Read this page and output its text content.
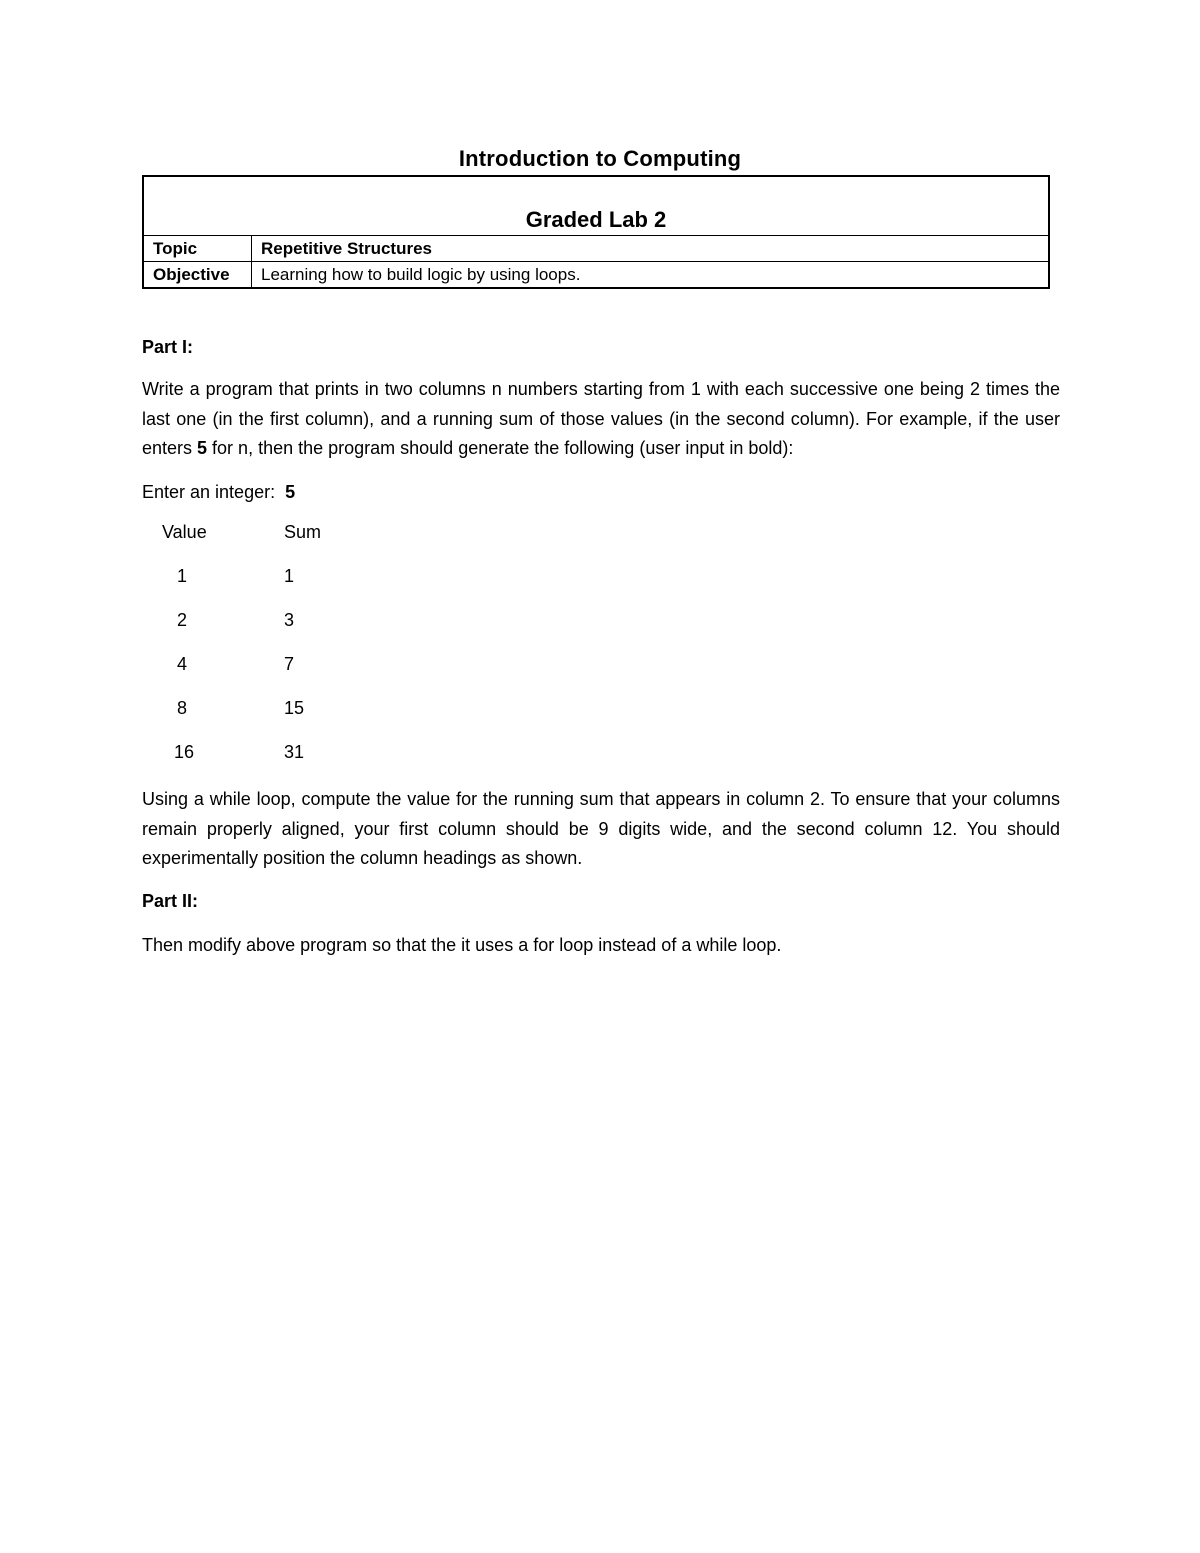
Introduction to Computing
Graded Lab 2	
Topic	Repetitive Structures
Objective	Learning how to build logic by using loops.
Part I:
Write a program that prints in two columns n numbers starting from 1 with each successive one being 2 times the last one (in the first column), and a running sum of those values (in the second column). For example, if the user enters 5 for n, then the program should generate the following (user input in bold):
Enter an integer: 5
Value	Sum
1	1
2	3
4	7
8	15
16	31
Using a while loop, compute the value for the running sum that appears in column 2. To ensure that your columns remain properly aligned, your first column should be 9 digits wide, and the second column 12. You should experimentally position the column headings as shown.
Part II:
Then modify above program so that the it uses a for loop instead of a while loop.
